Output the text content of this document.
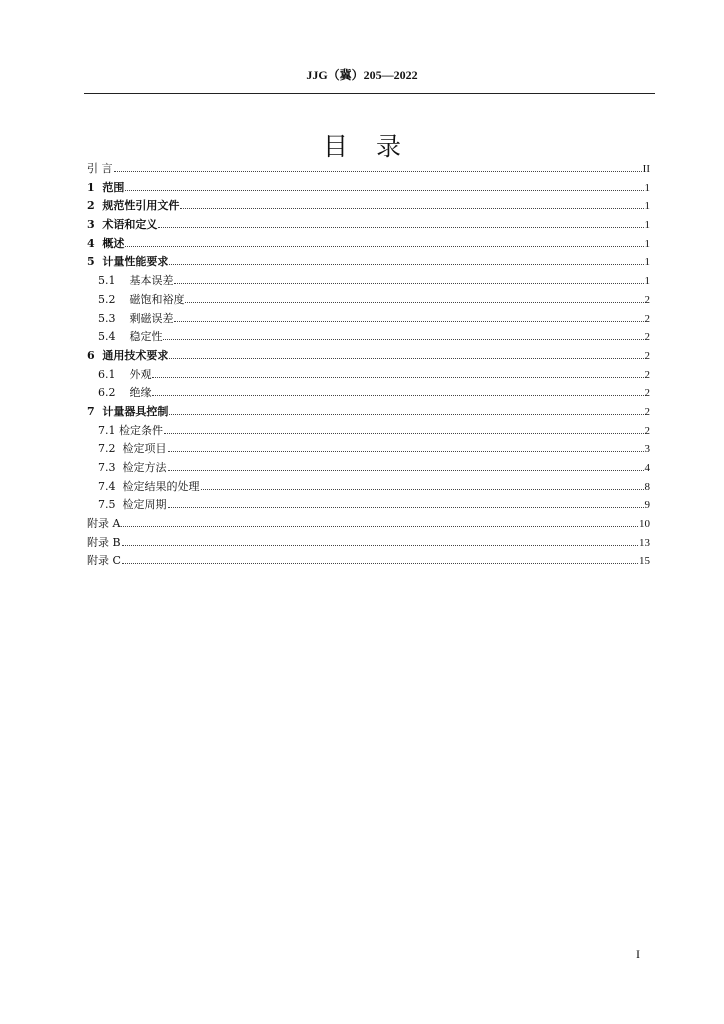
JJG（冀）205—2022
目录
引 言	II
1  范围	1
2  规范性引用文件	1
3  术语和定义	1
4  概述	1
5  计量性能要求	1
5.1    基本误差	1
5.2    磁饱和裕度	2
5.3    剩磁误差	2
5.4    稳定性	2
6  通用技术要求	2
6.1    外观	2
6.2    绝缘	2
7  计量器具控制	2
7.1 检定条件	2
7.2  检定项目	3
7.3  检定方法	4
7.4  检定结果的处理	8
7.5  检定周期	9
附录 A	10
附录 B	13
附录 C	15
I
